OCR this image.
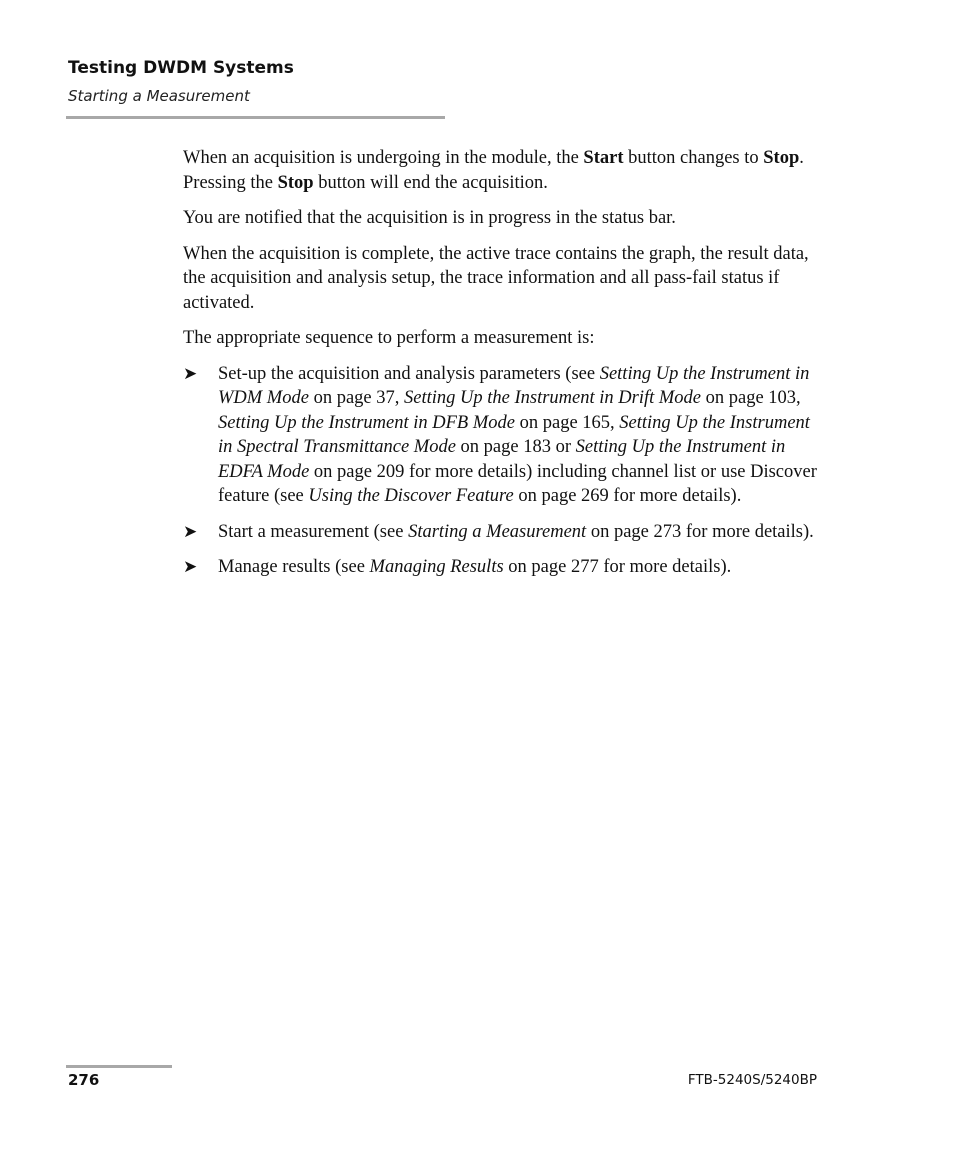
Testing DWDM Systems
Starting a Measurement

When an acquisition is undergoing in the module, the Start button changes to Stop. Pressing the Stop button will end the acquisition.

You are notified that the acquisition is in progress in the status bar.

When the acquisition is complete, the active trace contains the graph, the result data, the acquisition and analysis setup, the trace information and all pass-fail status if activated.

The appropriate sequence to perform a measurement is:

➤ Set-up the acquisition and analysis parameters (see Setting Up the Instrument in WDM Mode on page 37, Setting Up the Instrument in Drift Mode on page 103, Setting Up the Instrument in DFB Mode on page 165, Setting Up the Instrument in Spectral Transmittance Mode on page 183 or Setting Up the Instrument in EDFA Mode on page 209 for more details) including channel list or use Discover feature (see Using the Discover Feature on page 269 for more details).
➤ Start a measurement (see Starting a Measurement on page 273 for more details).
➤ Manage results (see Managing Results on page 277 for more details).
276	FTB-5240S/5240BP
